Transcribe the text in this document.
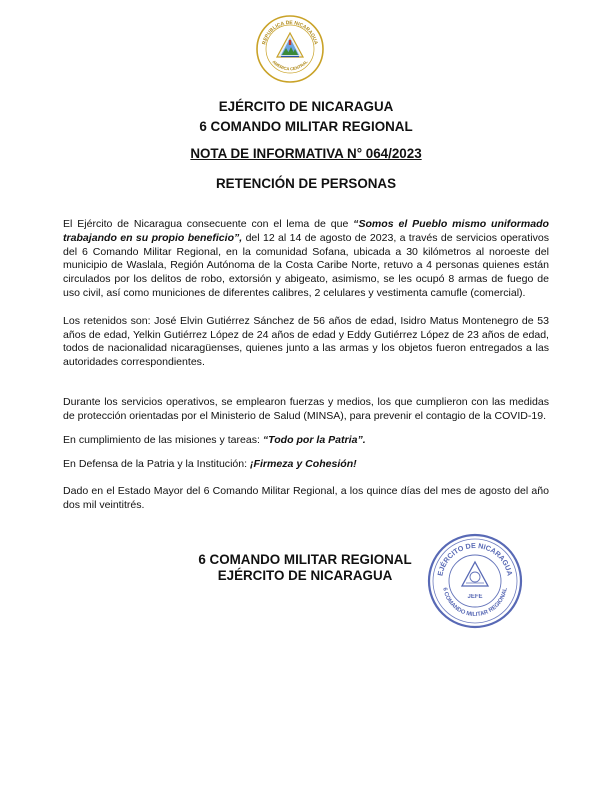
REPUBLICA DE NICARAGUA
AMERICA CENTRAL
EJÉRCITO DE NICARAGUA
6 COMANDO MILITAR REGIONAL
NOTA DE INFORMATIVA N° 064/2023
RETENCIÓN DE PERSONAS

El Ejército de Nicaragua consecuente con el lema de que “Somos el Pueblo mismo uniformado trabajando en su propio beneficio”, del 12 al 14 de agosto de 2023, a través de servicios operativos del 6 Comando Militar Regional, en la comunidad Sofana, ubicada a 30 kilómetros al noroeste del municipio de Waslala, Región Autónoma de la Costa Caribe Norte, retuvo a 4 personas quienes están circulados por los delitos de robo, extorsión y abigeato, asimismo, se les ocupó 8 armas de fuego de uso civil, así como municiones de diferentes calibres, 2 celulares y vestimenta camufle (comercial).

Los retenidos son: José Elvin Gutiérrez Sánchez de 56 años de edad, Isidro Matus Montenegro de 53 años de edad, Yelkin Gutiérrez López de 24 años de edad y Eddy Gutiérrez López de 23 años de edad, todos de nacionalidad nicaragüenses, quienes junto a las armas y los objetos fueron entregados a las autoridades correspondientes.

Durante los servicios operativos, se emplearon fuerzas y medios, los que cumplieron con las medidas de protección orientadas por el Ministerio de Salud (MINSA), para prevenir el contagio de la COVID-19.

En cumplimiento de las misiones y tareas: “Todo por la Patria”.

En Defensa de la Patria y la Institución: ¡Firmeza y Cohesión!

Dado en el Estado Mayor del 6 Comando Militar Regional, a los quince días del mes de agosto del año dos mil veintitrés.

6 COMANDO MILITAR REGIONAL
EJÉRCITO DE NICARAGUA	EJÉRCITO DE NICARAGUA
6 COMANDO MILITAR REGIONAL
JEFE
